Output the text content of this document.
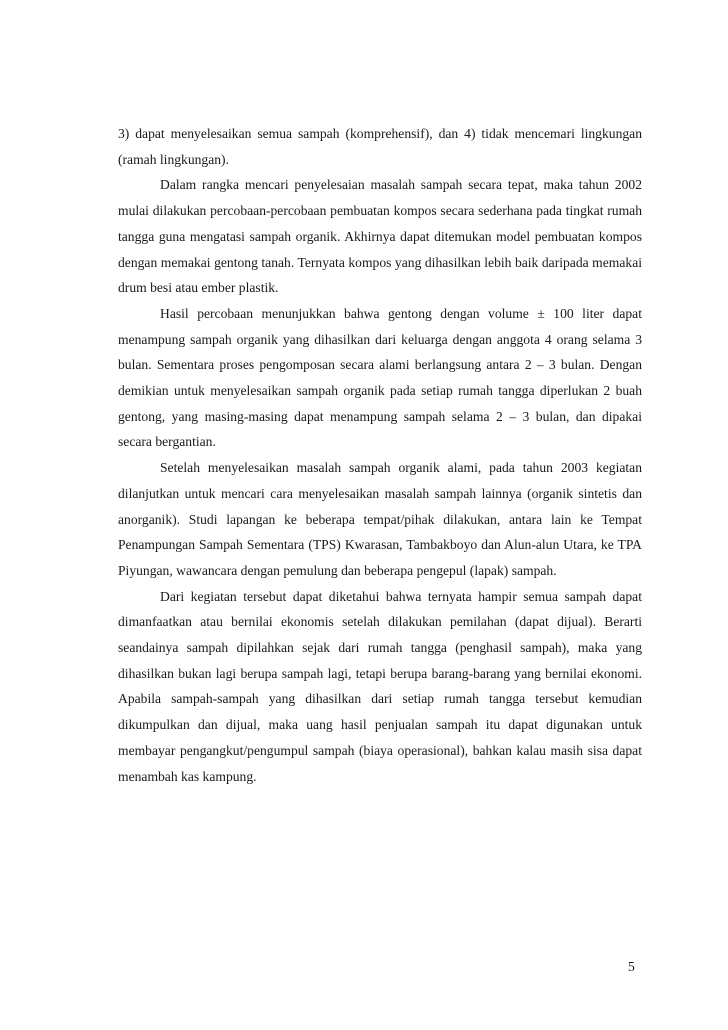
3) dapat menyelesaikan semua sampah (komprehensif), dan 4) tidak mencemari lingkungan (ramah lingkungan).

Dalam rangka mencari penyelesaian masalah sampah secara tepat, maka tahun 2002 mulai dilakukan percobaan-percobaan pembuatan kompos secara sederhana pada tingkat rumah tangga guna mengatasi sampah organik. Akhirnya dapat ditemukan model pembuatan kompos dengan memakai gentong tanah. Ternyata kompos yang dihasilkan lebih baik daripada memakai drum besi atau ember plastik.

Hasil percobaan menunjukkan bahwa gentong dengan volume ± 100 liter dapat menampung sampah organik yang dihasilkan dari keluarga dengan anggota 4 orang selama 3 bulan. Sementara proses pengomposan secara alami berlangsung antara 2 – 3 bulan. Dengan demikian untuk menyelesaikan sampah organik pada setiap rumah tangga diperlukan 2 buah gentong, yang masing-masing dapat menampung sampah selama 2 – 3 bulan, dan dipakai secara bergantian.

Setelah menyelesaikan masalah sampah organik alami, pada tahun 2003 kegiatan dilanjutkan untuk mencari cara menyelesaikan masalah sampah lainnya (organik sintetis dan anorganik). Studi lapangan ke beberapa tempat/pihak dilakukan, antara lain ke Tempat Penampungan Sampah Sementara (TPS) Kwarasan, Tambakboyo dan Alun-alun Utara, ke TPA Piyungan, wawancara dengan pemulung dan beberapa pengepul (lapak) sampah.

Dari kegiatan tersebut dapat diketahui bahwa ternyata hampir semua sampah dapat dimanfaatkan atau bernilai ekonomis setelah dilakukan pemilahan (dapat dijual). Berarti seandainya sampah dipilahkan sejak dari rumah tangga (penghasil sampah), maka yang dihasilkan bukan lagi berupa sampah lagi, tetapi berupa barang-barang yang bernilai ekonomi. Apabila sampah-sampah yang dihasilkan dari setiap rumah tangga tersebut kemudian dikumpulkan dan dijual, maka uang hasil penjualan sampah itu dapat digunakan untuk membayar pengangkut/pengumpul sampah (biaya operasional), bahkan kalau masih sisa dapat menambah kas kampung.

5
